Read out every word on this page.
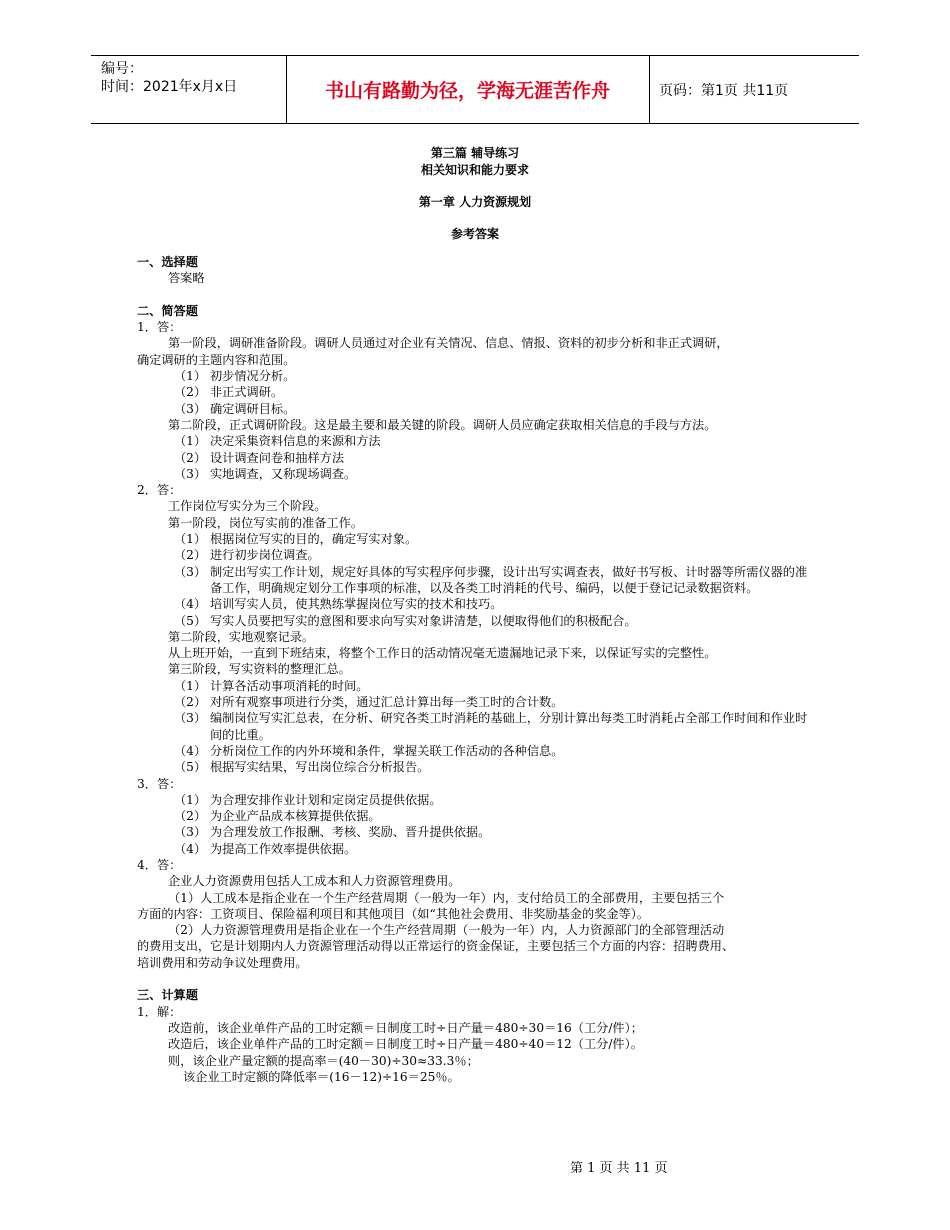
编号：
时间：2021年x月x日	书山有路勤为径，学海无涯苦作舟	页码：第1页 共11页
第三篇 辅导练习
相关知识和能力要求
第一章 人力资源规划
参考答案
一、选择题
答案略
二、简答题
1．答：
第一阶段，调研准备阶段。调研人员通过对企业有关情况、信息、情报、资料的初步分析和非正式调研，
确定调研的主题内容和范围。
（1） 初步情况分析。
（2） 非正式调研。
（3） 确定调研目标。
第二阶段，正式调研阶段。这是最主要和最关键的阶段。调研人员应确定获取相关信息的手段与方法。
（1） 决定采集资料信息的来源和方法
（2） 设计调查问卷和抽样方法
（3） 实地调查，又称现场调查。
2．答：
工作岗位写实分为三个阶段。
第一阶段，岗位写实前的准备工作。
（1） 根据岗位写实的目的，确定写实对象。
（2） 进行初步岗位调查。
（3） 制定出写实工作计划，规定好具体的写实程序何步骤，设计出写实调查表，做好书写板、计时器等所需仪器的准备工作，明确规定划分工作事项的标准，以及各类工时消耗的代号、编码，以便于登记记录数据资料。
（4） 培训写实人员，使其熟练掌握岗位写实的技术和技巧。
（5） 写实人员要把写实的意图和要求向写实对象讲清楚，以便取得他们的积极配合。
第二阶段，实地观察记录。
从上班开始，一直到下班结束，将整个工作日的活动情况毫无遗漏地记录下来，以保证写实的完整性。
第三阶段，写实资料的整理汇总。
（1） 计算各活动事项消耗的时间。
（2） 对所有观察事项进行分类，通过汇总计算出每一类工时的合计数。
（3） 编制岗位写实汇总表，在分析、研究各类工时消耗的基础上，分别计算出每类工时消耗占全部工作时间和作业时间的比重。
（4） 分析岗位工作的内外环境和条件，掌握关联工作活动的各种信息。
（5） 根据写实结果，写出岗位综合分析报告。
3．答：
（1） 为合理安排作业计划和定岗定员提供依据。
（2） 为企业产品成本核算提供依据。
（3） 为合理发放工作报酬、考核、奖励、晋升提供依据。
（4） 为提高工作效率提供依据。
4．答：
企业人力资源费用包括人工成本和人力资源管理费用。
（1）人工成本是指企业在一个生产经营周期（一般为一年）内，支付给员工的全部费用，主要包括三个
方面的内容：工资项目、保险福利项目和其他项目（如“其他社会费用、非奖励基金的奖金等）。
（2）人力资源管理费用是指企业在一个生产经营周期（一般为一年）内，人力资源部门的全部管理活动
的费用支出，它是计划期内人力资源管理活动得以正常运行的资金保证，主要包括三个方面的内容：招聘费用、
培训费用和劳动争议处理费用。
三、计算题
1．解：
改造前，该企业单件产品的工时定额＝日制度工时÷日产量＝480÷30＝16（工分/件）；
改造后，该企业单件产品的工时定额＝日制度工时÷日产量＝480÷40＝12（工分/件）。
则，该企业产量定额的提高率＝(40－30)÷30≈33.3％；
该企业工时定额的降低率＝(16－12)÷16＝25％。
第 1 页 共 11 页
